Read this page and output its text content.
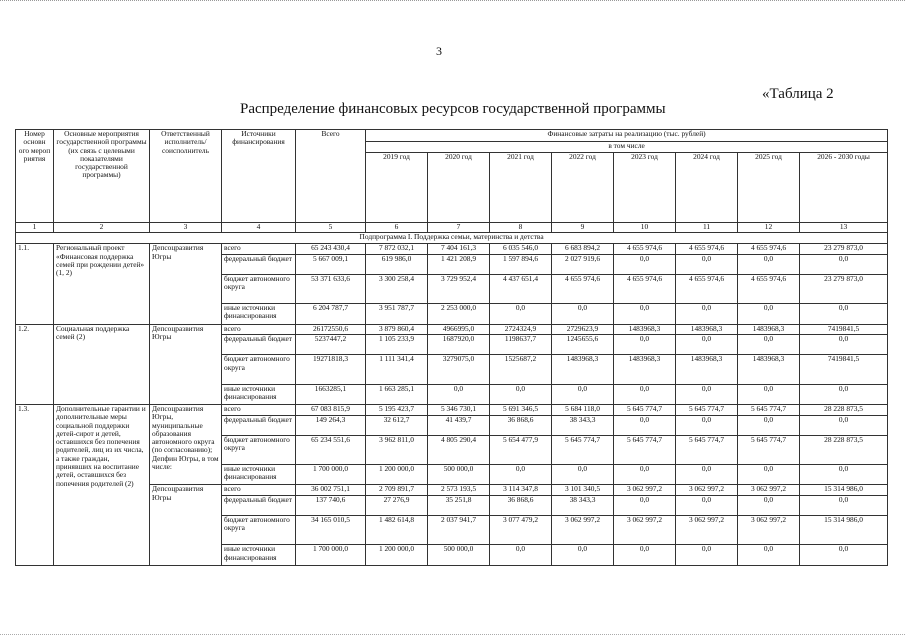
3
«Таблица 2
Распределение финансовых ресурсов государственной программы
Номер основн ого мероп риятия	Основные мероприятия государственной программы (их связь с целевыми показателями государственной программы)	Ответственный исполнитель/ соисполнитель	Источники финансирования	Всего	Финансовые затраты на реализацию (тыс. рублей)							
					в том числе							
					2019 год	2020 год	2021 год	2022 год	2023 год	2024 год	2025 год	2026 - 2030 годы
1	2	3	4	5	6	7	8	9	10	11	12	13
Подпрограмма I. Поддержка семьи, материнства и детства												
1.1.	Региональный проект «Финансовая поддержка семей при рождении детей» (1, 2)	Депсоцразвития Югры	всего	65 243 430,4	7 872 032,1	7 404 161,3	6 035 546,0	6 683 894,2	4 655 974,6	4 655 974,6	4 655 974,6	23 279 873,0
			федеральный бюджет	5 667 009,1	619 986,0	1 421 208,9	1 597 894,6	2 027 919,6	0,0	0,0	0,0	0,0
			бюджет автономного округа	53 371 633,6	3 300 258,4	3 729 952,4	4 437 651,4	4 655 974,6	4 655 974,6	4 655 974,6	4 655 974,6	23 279 873,0
			иные источники финансирования	6 204 787,7	3 951 787,7	2 253 000,0	0,0	0,0	0,0	0,0	0,0	0,0
1.2.	Социальная поддержка семей (2)	Депсоцразвития Югры	всего	26172550,6	3 879 860,4	4966995,0	2724324,9	2729623,9	1483968,3	1483968,3	1483968,3	7419841,5
			федеральный бюджет	5237447,2	1 105 233,9	1687920,0	1198637,7	1245655,6	0,0	0,0	0,0	0,0
			бюджет автономного округа	19271818,3	1 111 341,4	3279075,0	1525687,2	1483968,3	1483968,3	1483968,3	1483968,3	7419841,5
			иные источники финансирования	1663285,1	1 663 285,1	0,0	0,0	0,0	0,0	0,0	0,0	0,0
1.3.	Дополнительные гарантии и дополнительные меры социальной поддержки детей-сирот и детей, оставшихся без попечения родителей, лиц из их числа, а также граждан, принявших на воспитание детей, оставшихся без попечения родителей (2)	Депсоцразвития Югры, муниципальные образования автономного округа (по согласованию); Депфин Югры, в том числе:	всего	67 083 815,9	5 195 423,7	5 346 730,1	5 691 346,5	5 684 118,0	5 645 774,7	5 645 774,7	5 645 774,7	28 228 873,5
			федеральный бюджет	149 264,3	32 612,7	41 439,7	36 868,6	38 343,3	0,0	0,0	0,0	0,0
			бюджет автономного округа	65 234 551,6	3 962 811,0	4 805 290,4	5 654 477,9	5 645 774,7	5 645 774,7	5 645 774,7	5 645 774,7	28 228 873,5
			иные источники финансирования	1 700 000,0	1 200 000,0	500 000,0	0,0	0,0	0,0	0,0	0,0	0,0
		Депсоцразвития Югры	всего	36 002 751,1	2 709 891,7	2 573 193,5	3 114 347,8	3 101 340,5	3 062 997,2	3 062 997,2	3 062 997,2	15 314 986,0
			федеральный бюджет	137 740,6	27 276,9	35 251,8	36 868,6	38 343,3	0,0	0,0	0,0	0,0
			бюджет автономного округа	34 165 010,5	1 482 614,8	2 037 941,7	3 077 479,2	3 062 997,2	3 062 997,2	3 062 997,2	3 062 997,2	15 314 986,0
			иные источники финансирования	1 700 000,0	1 200 000,0	500 000,0	0,0	0,0	0,0	0,0	0,0	0,0
